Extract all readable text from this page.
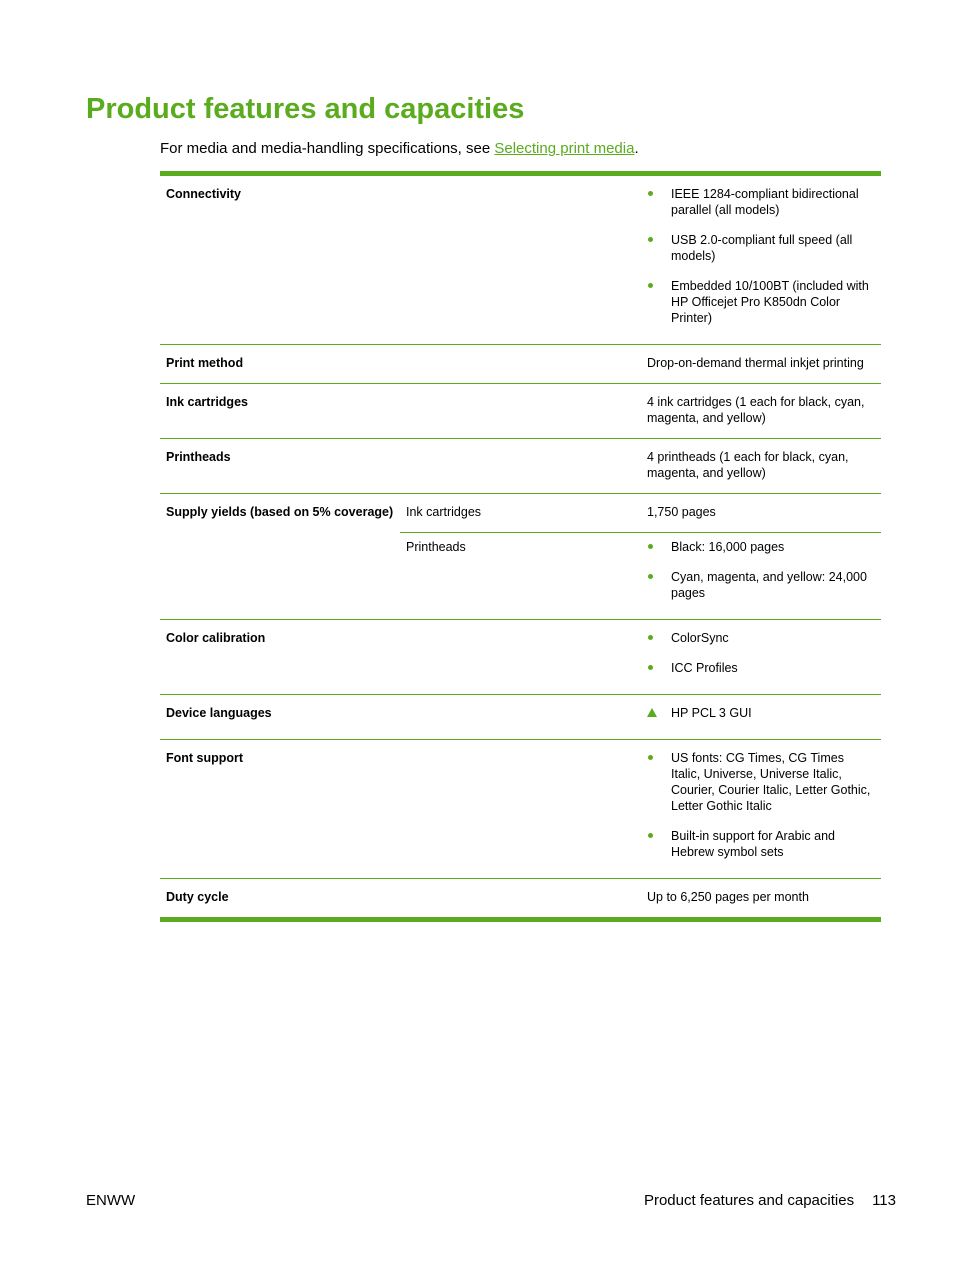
Product features and capacities
For media and media-handling specifications, see Selecting print media.
Connectivity	IEEE 1284-compliant bidirectional parallel (all models)
USB 2.0-compliant full speed (all models)
Embedded 10/100BT (included with HP Officejet Pro K850dn Color Printer)
Print method	Drop-on-demand thermal inkjet printing
Ink cartridges	4 ink cartridges (1 each for black, cyan, magenta, and yellow)
Printheads	4 printheads (1 each for black, cyan, magenta, and yellow)
Supply yields (based on 5% coverage)	Ink cartridges	1,750 pages
Printheads	Black: 16,000 pages
Cyan, magenta, and yellow: 24,000 pages
Color calibration	ColorSync
ICC Profiles
Device languages	HP PCL 3 GUI
Font support	US fonts: CG Times, CG Times Italic, Universe, Universe Italic, Courier, Courier Italic, Letter Gothic, Letter Gothic Italic
Built-in support for Arabic and Hebrew symbol sets
Duty cycle	Up to 6,250 pages per month
ENWW	Product features and capacities 113
